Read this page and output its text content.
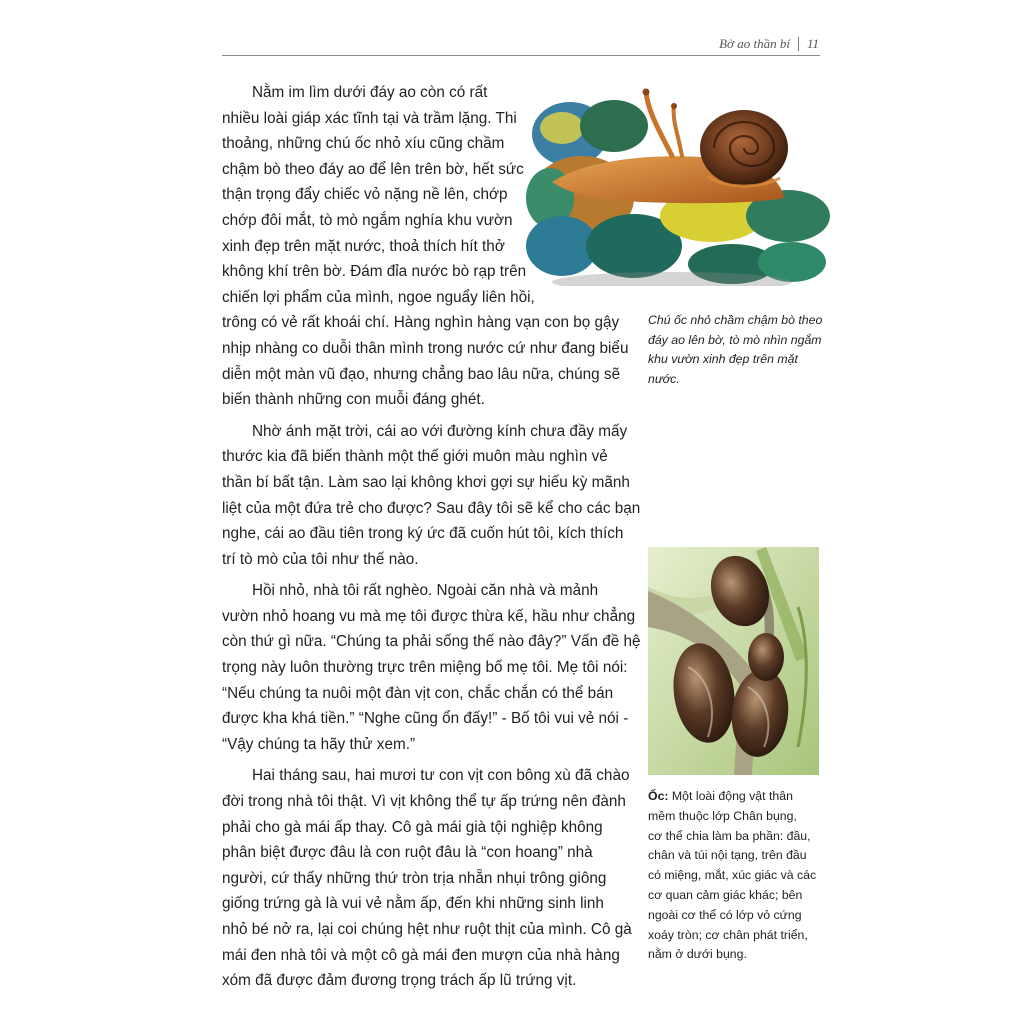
Bờ ao thần bí 11

Nằm im lìm dưới đáy ao còn có rất
nhiều loài giáp xác tĩnh tại và trầm lặng. Thi
thoảng, những chú ốc nhỏ xíu cũng chầm
chậm bò theo đáy ao để lên trên bờ, hết sức
thận trọng đẩy chiếc vỏ nặng nề lên, chớp
chớp đôi mắt, tò mò ngắm nghía khu vườn
xinh đẹp trên mặt nước, thoả thích hít thở
không khí trên bờ. Đám đỉa nước bò rạp trên
chiến lợi phẩm của mình, ngoe nguẩy liên hồi,
trông có vẻ rất khoái chí. Hàng nghìn hàng vạn con bọ gậy
nhịp nhàng co duỗi thân mình trong nước cứ như đang biểu
diễn một màn vũ đạo, nhưng chẳng bao lâu nữa, chúng sẽ
biến thành những con muỗi đáng ghét.

Nhờ ánh mặt trời, cái ao với đường kính chưa đầy mấy
thước kia đã biến thành một thế giới muôn màu nghìn vẻ
thần bí bất tận. Làm sao lại không khơi gợi sự hiếu kỳ mãnh
liệt của một đứa trẻ cho được? Sau đây tôi sẽ kể cho các bạn
nghe, cái ao đầu tiên trong ký ức đã cuốn hút tôi, kích thích
trí tò mò của tôi như thế nào.

Hồi nhỏ, nhà tôi rất nghèo. Ngoài căn nhà và mảnh
vườn nhỏ hoang vu mà mẹ tôi được thừa kế, hầu như chẳng
còn thứ gì nữa. “Chúng ta phải sống thế nào đây?” Vấn đề hệ
trọng này luôn thường trực trên miệng bố mẹ tôi. Mẹ tôi nói:
“Nếu chúng ta nuôi một đàn vịt con, chắc chắn có thể bán
được kha khá tiền.” “Nghe cũng ổn đấy!” - Bố tôi vui vẻ nói -
“Vậy chúng ta hãy thử xem.”

Hai tháng sau, hai mươi tư con vịt con bông xù đã chào
đời trong nhà tôi thật. Vì vịt không thể tự ấp trứng nên đành
phải cho gà mái ấp thay. Cô gà mái già tội nghiệp không
phân biệt được đâu là con ruột đâu là “con hoang” nhà
người, cứ thấy những thứ tròn trịa nhẵn nhụi trông giông
giống trứng gà là vui vẻ nằm ấp, đến khi những sinh linh
nhỏ bé nở ra, lại coi chúng hệt như ruột thịt của mình. Cô gà
mái đen nhà tôi và một cô gà mái đen mượn của nhà hàng
xóm đã được đảm đương trọng trách ấp lũ trứng vịt.

Chú ốc nhỏ chầm chậm bò theo
đáy ao lên bờ, tò mò nhìn ngắm
khu vườn xinh đẹp trên mặt
nước.
Ốc: Một loài động vật thân
mềm thuộc lớp Chân bụng,
cơ thể chia làm ba phần: đầu,
chân và túi nội tạng, trên đầu
có miệng, mắt, xúc giác và các
cơ quan cảm giác khác; bên
ngoài cơ thể có lớp vỏ cứng
xoáy tròn; cơ chân phát triển,
nằm ở dưới bụng.
